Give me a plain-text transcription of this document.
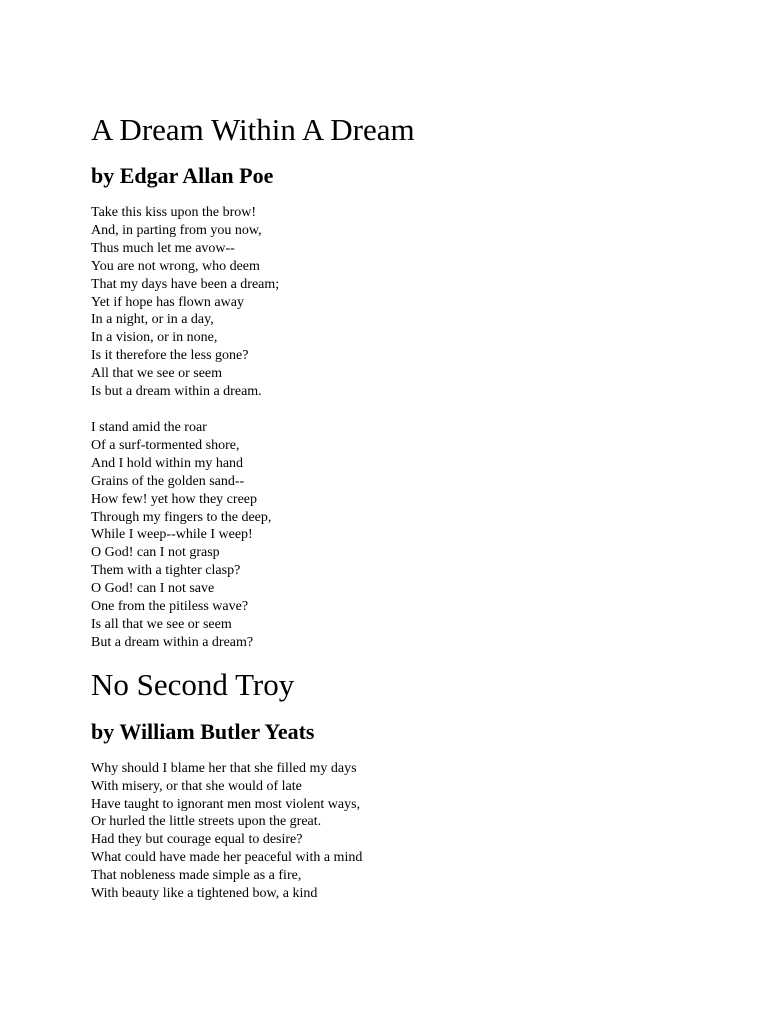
A Dream Within A Dream
by Edgar Allan Poe
Take this kiss upon the brow!
And, in parting from you now,
Thus much let me avow--
You are not wrong, who deem
That my days have been a dream;
Yet if hope has flown away
In a night, or in a day,
In a vision, or in none,
Is it therefore the less gone?
All that we see or seem
Is but a dream within a dream.
I stand amid the roar
Of a surf-tormented shore,
And I hold within my hand
Grains of the golden sand--
How few! yet how they creep
Through my fingers to the deep,
While I weep--while I weep!
O God! can I not grasp
Them with a tighter clasp?
O God! can I not save
One from the pitiless wave?
Is all that we see or seem
But a dream within a dream?
No Second Troy
by William Butler Yeats
Why should I blame her that she filled my days
With misery, or that she would of late
Have taught to ignorant men most violent ways,
Or hurled the little streets upon the great.
Had they but courage equal to desire?
What could have made her peaceful with a mind
That nobleness made simple as a fire,
With beauty like a tightened bow, a kind
